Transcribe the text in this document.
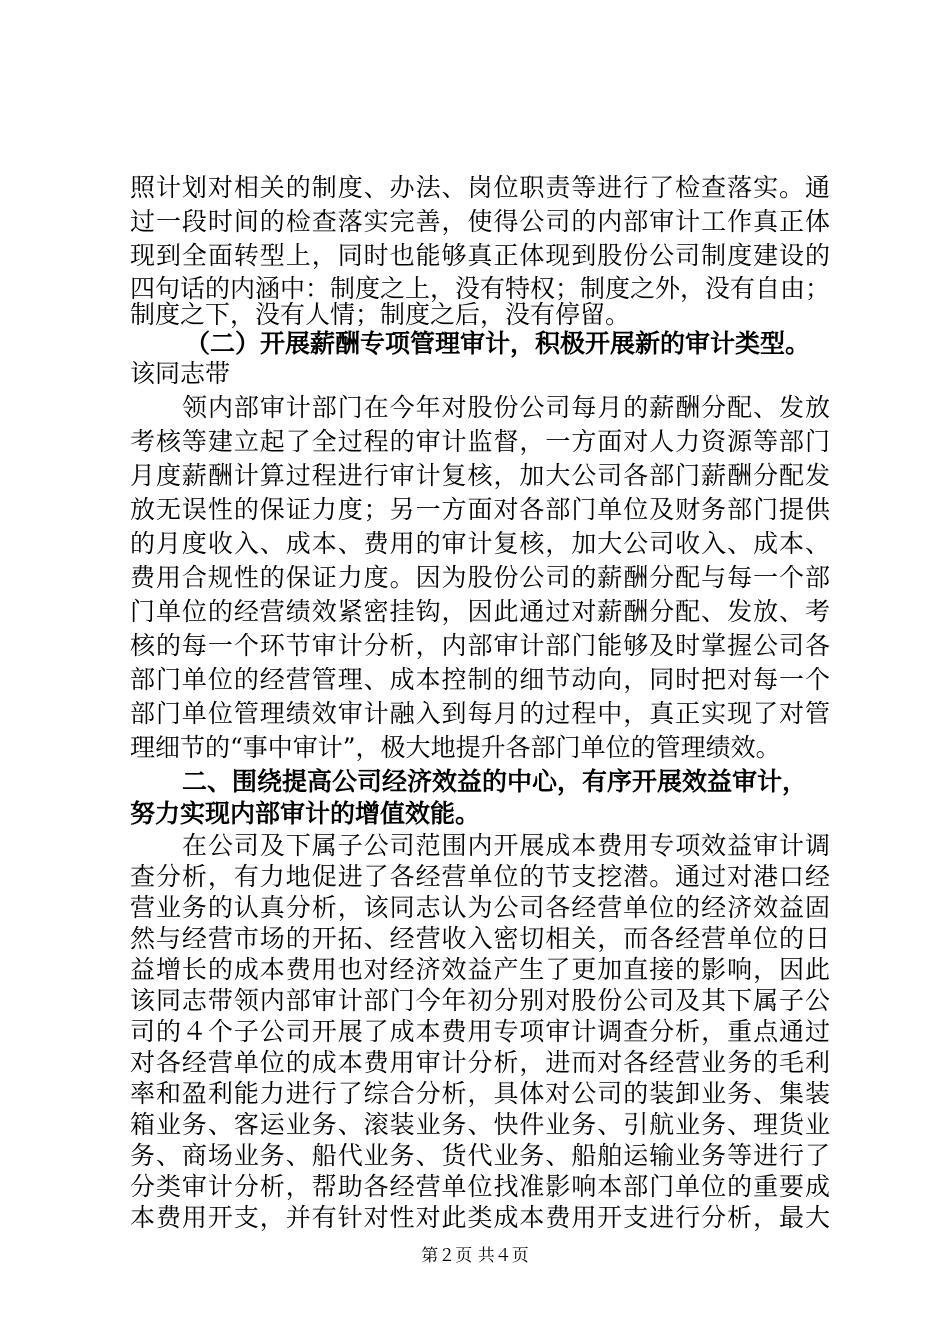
照计划对相关的制度、办法、岗位职责等进行了检查落实。通
过一段时间的检查落实完善，使得公司的内部审计工作真正体
现到全面转型上，同时也能够真正体现到股份公司制度建设的
四句话的内涵中：制度之上，没有特权；制度之外，没有自由；
制度之下，没有人情；制度之后，没有停留。
（二）开展薪酬专项管理审计，积极开展新的审计类型。
该同志带
领内部审计部门在今年对股份公司每月的薪酬分配、发放
考核等建立起了全过程的审计监督，一方面对人力资源等部门
月度薪酬计算过程进行审计复核，加大公司各部门薪酬分配发
放无误性的保证力度；另一方面对各部门单位及财务部门提供
的月度收入、成本、费用的审计复核，加大公司收入、成本、
费用合规性的保证力度。因为股份公司的薪酬分配与每一个部
门单位的经营绩效紧密挂钩，因此通过对薪酬分配、发放、考
核的每一个环节审计分析，内部审计部门能够及时掌握公司各
部门单位的经营管理、成本控制的细节动向，同时把对每一个
部门单位管理绩效审计融入到每月的过程中，真正实现了对管
理细节的“事中审计”，极大地提升各部门单位的管理绩效。
二、围绕提高公司经济效益的中心，有序开展效益审计，
努力实现内部审计的增值效能。
在公司及下属子公司范围内开展成本费用专项效益审计调
查分析，有力地促进了各经营单位的节支挖潜。通过对港口经
营业务的认真分析，该同志认为公司各经营单位的经济效益固
然与经营市场的开拓、经营收入密切相关，而各经营单位的日
益增长的成本费用也对经济效益产生了更加直接的影响，因此
该同志带领内部审计部门今年初分别对股份公司及其下属子公
司的４个子公司开展了成本费用专项审计调查分析，重点通过
对各经营单位的成本费用审计分析，进而对各经营业务的毛利
率和盈利能力进行了综合分析，具体对公司的装卸业务、集装
箱业务、客运业务、滚装业务、快件业务、引航业务、理货业
务、商场业务、船代业务、货代业务、船舶运输业务等进行了
分类审计分析，帮助各经营单位找准影响本部门单位的重要成
本费用开支，并有针对性对此类成本费用开支进行分析，最大
第２页 共４页
